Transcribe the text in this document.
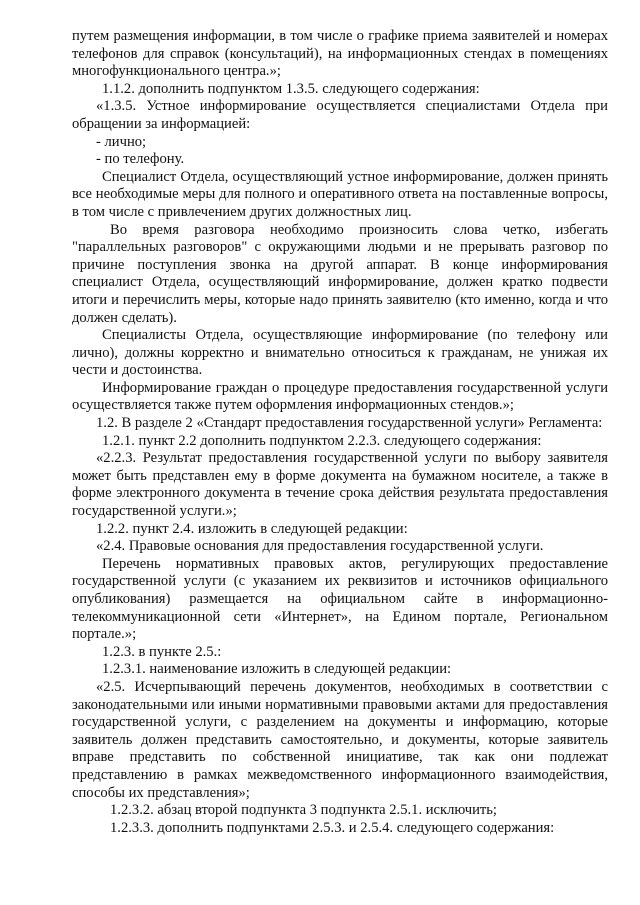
путем размещения информации, в том числе о графике приема заявителей и номерах телефонов для справок (консультаций), на информационных стендах в помещениях многофункционального центра.»;

1.1.2. дополнить подпунктом 1.3.5. следующего содержания:

«1.3.5. Устное информирование осуществляется специалистами Отдела при обращении за информацией:

- лично;

- по телефону.

Специалист Отдела, осуществляющий устное информирование, должен принять все необходимые меры для полного и оперативного ответа на поставленные вопросы, в том числе с привлечением других должностных лиц.

Во время разговора необходимо произносить слова четко, избегать "параллельных разговоров" с окружающими людьми и не прерывать разговор по причине поступления звонка на другой аппарат. В конце информирования специалист Отдела, осуществляющий информирование, должен кратко подвести итоги и перечислить меры, которые надо принять заявителю (кто именно, когда и что должен сделать).

Специалисты Отдела, осуществляющие информирование (по телефону или лично), должны корректно и внимательно относиться к гражданам, не унижая их чести и достоинства.

Информирование граждан о процедуре предоставления государственной услуги осуществляется также путем оформления информационных стендов.»;

1.2. В разделе 2 «Стандарт предоставления государственной услуги» Регламента:

1.2.1. пункт 2.2 дополнить подпунктом 2.2.3. следующего содержания:

«2.2.3. Результат предоставления государственной услуги по выбору заявителя может быть представлен ему в форме документа на бумажном носителе, а также в форме электронного документа в течение срока действия результата предоставления государственной услуги.»;

1.2.2. пункт 2.4. изложить в следующей редакции:

«2.4. Правовые основания для предоставления государственной услуги.

Перечень нормативных правовых актов, регулирующих предоставление государственной услуги (с указанием их реквизитов и источников официального опубликования) размещается на официальном сайте в информационно-телекоммуникационной сети «Интернет», на Едином портале, Региональном портале.»;

1.2.3. в пункте 2.5.:

1.2.3.1. наименование изложить в следующей редакции:

«2.5. Исчерпывающий перечень документов, необходимых в соответствии с законодательными или иными нормативными правовыми актами для предоставления государственной услуги, с разделением на документы и информацию, которые заявитель должен представить самостоятельно, и документы, которые заявитель вправе представить по собственной инициативе, так как они подлежат представлению в рамках межведомственного информационного взаимодействия, способы их представления»;

1.2.3.2. абзац второй подпункта 3 подпункта 2.5.1. исключить;

1.2.3.3. дополнить подпунктами 2.5.3. и 2.5.4. следующего содержания:
